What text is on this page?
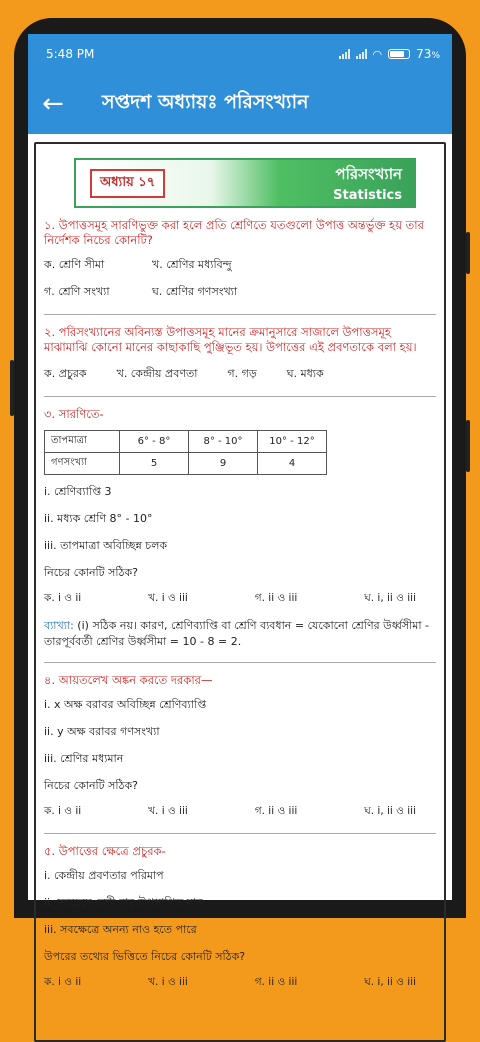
5:48 PM	◠	73%
←	সপ্তদশ অধ্যায়ঃ পরিসংখ্যান
অধ্যায় ১৭	পরিসংখ্যান
Statistics
১. উপাত্তসমূহ সারণিভুক্ত করা হলে প্রতি শ্রেণিতে যতগুলো উপাত্ত অন্তর্ভুক্ত হয় তার নির্দেশক নিচের কোনটি?
ক. শ্রেণি সীমা	খ. শ্রেণির মধ্যবিন্দু
গ. শ্রেণি সংখ্যা	ঘ. শ্রেণির গণসংখ্যা
২. পরিসংখ্যানের অবিন্যস্ত উপাত্তসমূহ মানের ক্রমানুসারে সাজালে উপাত্তসমূহ মাঝামাঝি কোনো মানের কাছাকাছি পুঞ্জিভূত হয়। উপাত্তের এই প্রবণতাকে বলা হয়।
ক. প্রচুরক	খ. কেন্দ্রীয় প্রবণতা	গ. গড়	ঘ. মধ্যক
৩. সারণিতে-
তাপমাত্রা	6° - 8°	8° - 10°	10° - 12°
গণসংখ্যা	5	9	4
i. শ্রেণিব্যাপ্তি 3
ii. মধ্যক শ্রেণি 8° - 10°
iii. তাপমাত্রা অবিচ্ছিন্ন চলক
নিচের কোনটি সঠিক?
ক. i ও ii	খ. i ও iii	গ. ii ও iii	ঘ. i, ii ও iii
ব্যাখ্যা: (i) সঠিক নয়। কারণ, শ্রেণিব্যাপ্তি বা শ্রেণি ব্যবধান = যেকোনো শ্রেণির উর্ধ্বসীমা - তারপূর্ববর্তী শ্রেণির উর্ধ্বসীমা = 10 - 8 = 2.
৪. আয়তলেখ অঙ্কন করতে দরকার—
i. x অক্ষ বরাবর অবিচ্ছিন্ন শ্রেণিব্যাপ্তি
ii. y অক্ষ বরাবর গণসংখ্যা
iii. শ্রেণির মধ্যমান
নিচের কোনটি সঠিক?
ক. i ও ii	খ. i ও iii	গ. ii ও iii	ঘ. i, ii ও iii
৫. উপাত্তের ক্ষেত্রে প্রচুরক-
i. কেন্দ্রীয় প্রবণতার পরিমাপ
ii. সবচেয়ে বেশী বার উপস্থাপিত মান
iii. সবক্ষেত্রে অনন্য নাও হতে পারে
উপরের তথ্যের ভিত্তিতে নিচের কোনটি সঠিক?
ক. i ও ii	খ. i ও iii	গ. ii ও iii	ঘ. i, ii ও iii
